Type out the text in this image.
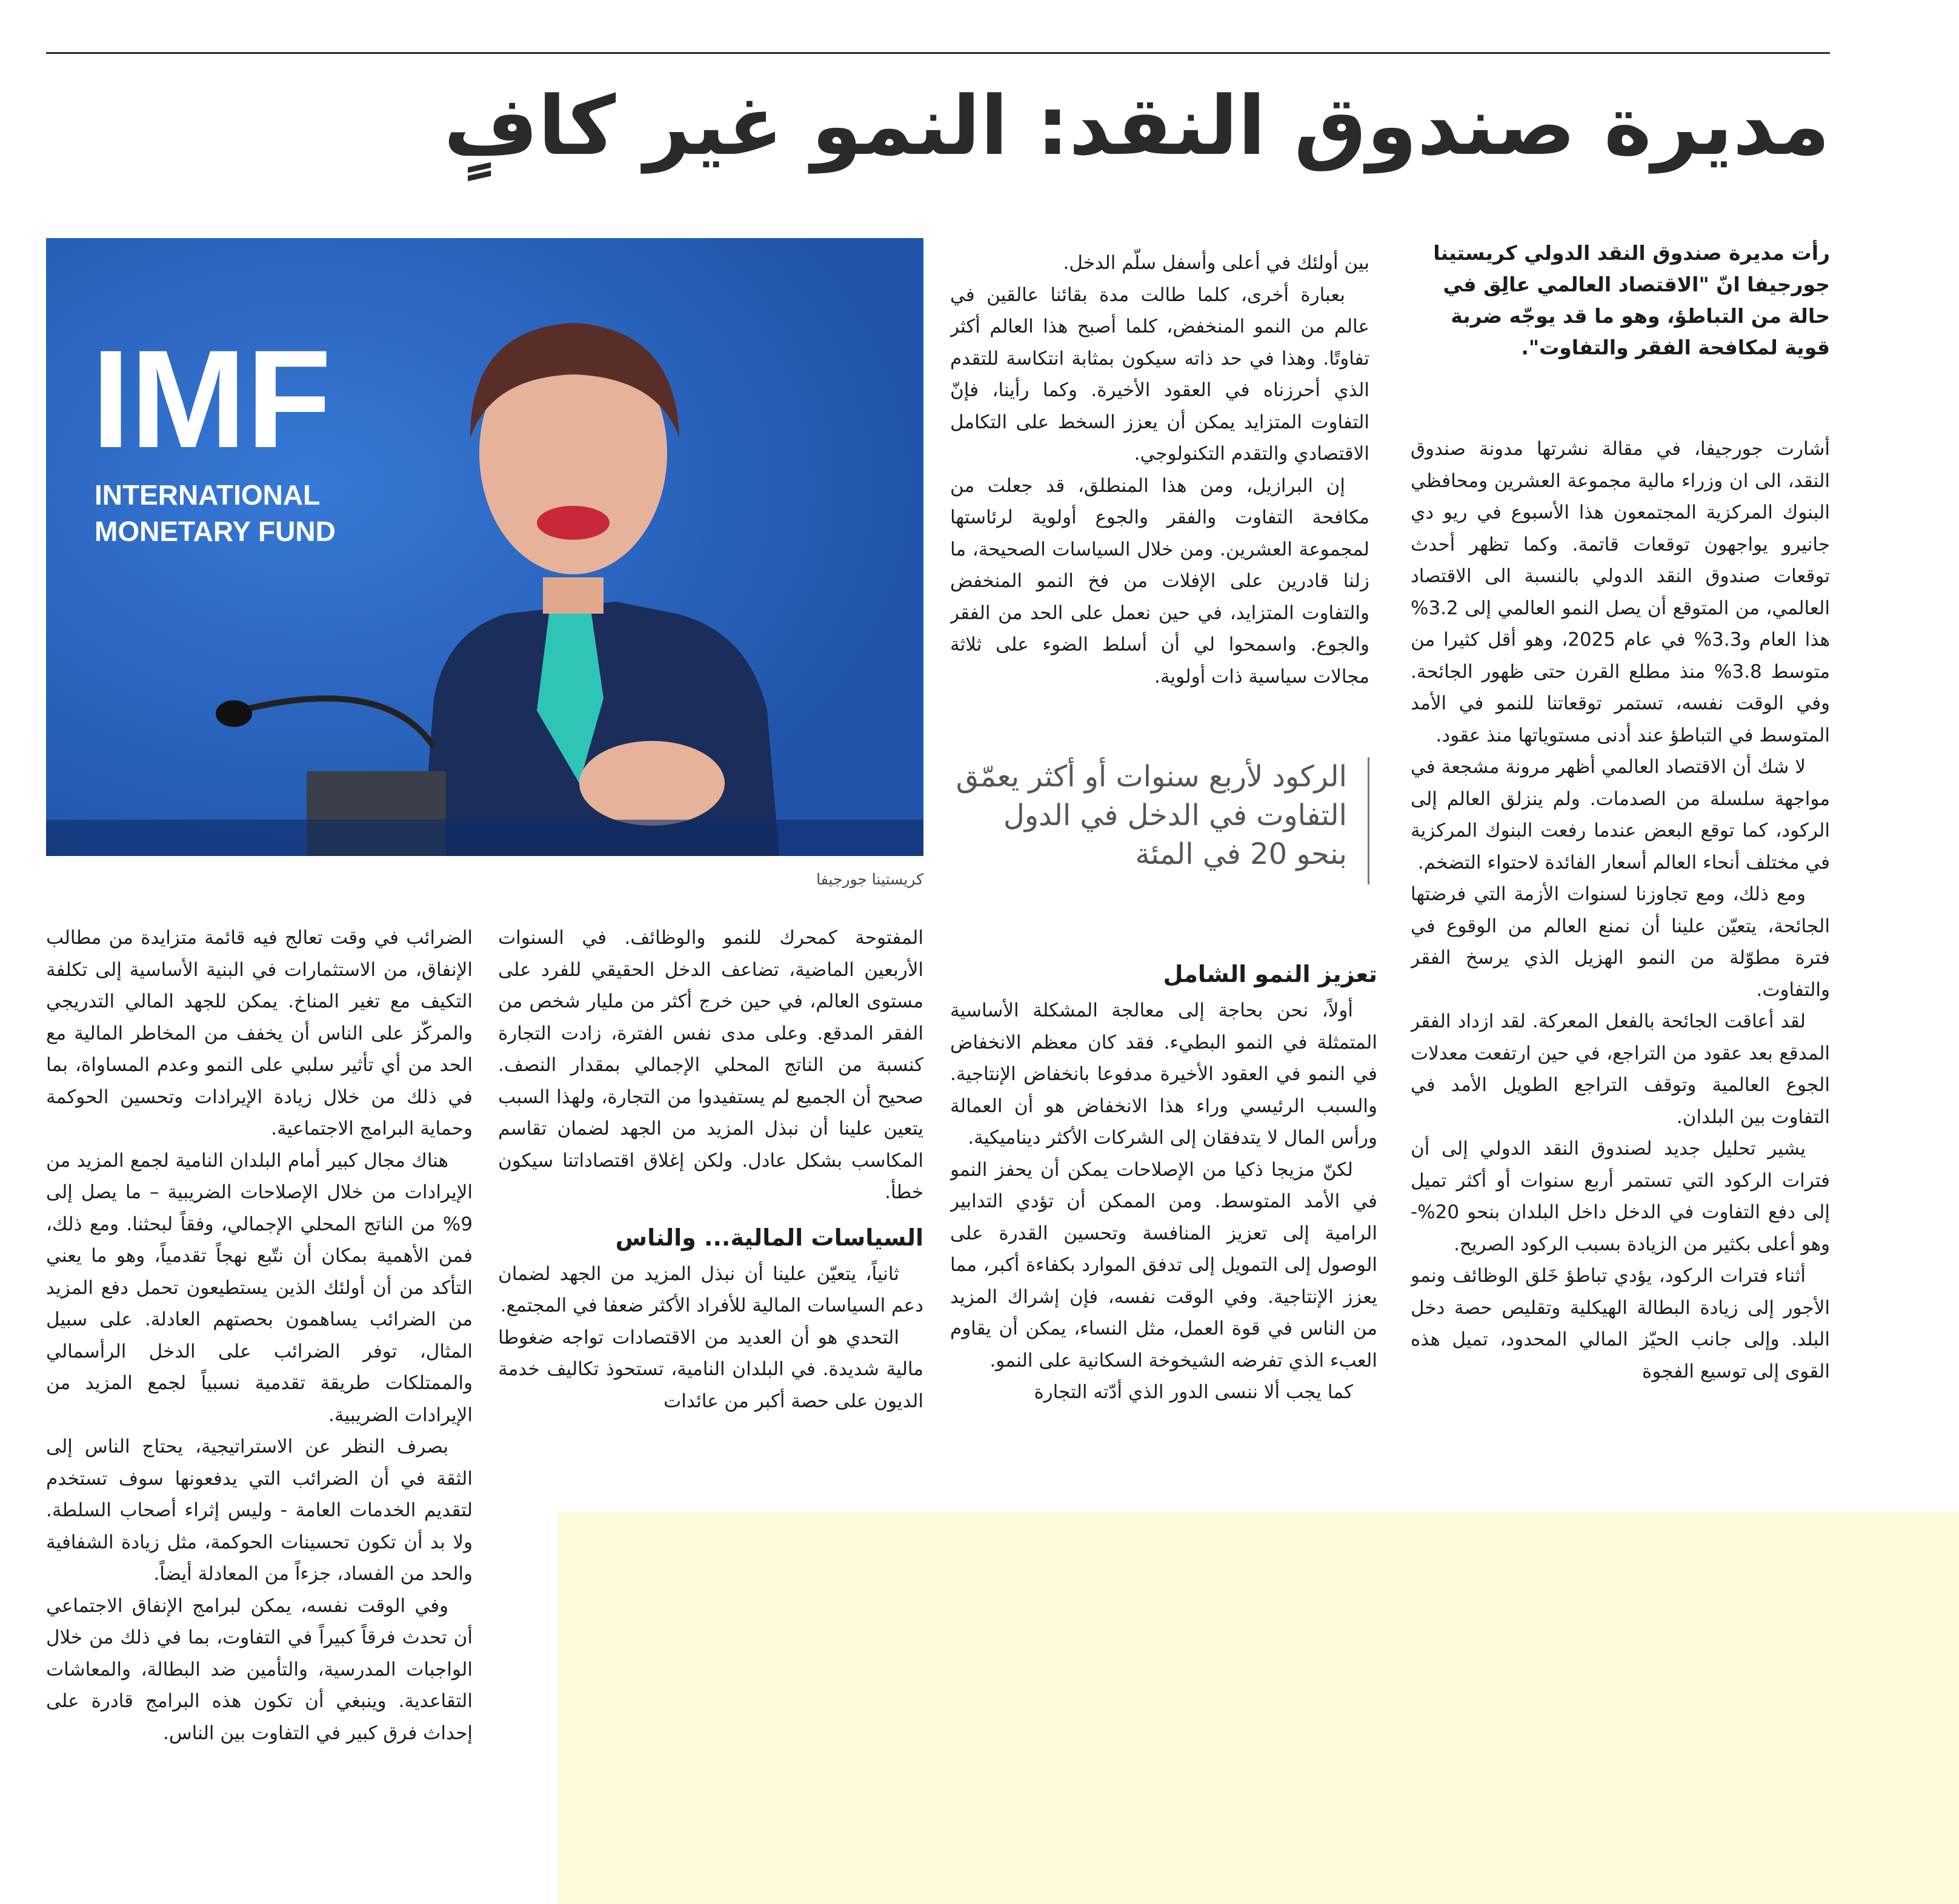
مديرة صندوق النقد: النمو غير كافٍ
رأت مديرة صندوق النقد الدولي كريستينا جورجيفا انّ "الاقتصاد العالمي عالِق في حالة من التباطؤ، وهو ما قد يوجّه ضربة قوية لمكافحة الفقر والتفاوت".
IMF
INTERNATIONAL
MONETARY FUND
كريستينا جورجيفا
الركود لأربع سنوات أو أكثر يعمّق التفاوت في الدخل في الدول بنحو 20 في المئة

أشارت جورجيفا، في مقالة نشرتها مدونة صندوق النقد، الى ان وزراء مالية مجموعة العشرين ومحافظي البنوك المركزية المجتمعون هذا الأسبوع في ريو دي جانيرو يواجهون توقعات قاتمة. وكما تظهر أحدث توقعات صندوق النقد الدولي بالنسبة الى الاقتصاد العالمي، من المتوقع أن يصل النمو العالمي إلى 3.2% هذا العام و3.3% في عام 2025، وهو أقل كثيرا من متوسط 3.8% منذ مطلع القرن حتى ظهور الجائحة. وفي الوقت نفسه، تستمر توقعاتنا للنمو في الأمد المتوسط في التباطؤ عند أدنى مستوياتها منذ عقود.

لا شك أن الاقتصاد العالمي أظهر مرونة مشجعة في مواجهة سلسلة من الصدمات. ولم ينزلق العالم إلى الركود، كما توقع البعض عندما رفعت البنوك المركزية في مختلف أنحاء العالم أسعار الفائدة لاحتواء التضخم.

ومع ذلك، ومع تجاوزنا لسنوات الأزمة التي فرضتها الجائحة، يتعيّن علينا أن نمنع العالم من الوقوع في فترة مطوّلة من النمو الهزيل الذي يرسخ الفقر والتفاوت.

لقد أعاقت الجائحة بالفعل المعركة. لقد ازداد الفقر المدقع بعد عقود من التراجع، في حين ارتفعت معدلات الجوع العالمية وتوقف التراجع الطويل الأمد في التفاوت بين البلدان.

يشير تحليل جديد لصندوق النقد الدولي إلى أن فترات الركود التي تستمر أربع سنوات أو أكثر تميل إلى دفع التفاوت في الدخل داخل البلدان بنحو 20%- وهو أعلى بكثير من الزيادة بسبب الركود الصريح.

أثناء فترات الركود، يؤدي تباطؤ خَلق الوظائف ونمو الأجور إلى زيادة البطالة الهيكلية وتقليص حصة دخل البلد. وإلى جانب الحيّز المالي المحدود، تميل هذه القوى إلى توسيع الفجوة

بين أولئك في أعلى وأسفل سلّم الدخل.

بعبارة أخرى، كلما طالت مدة بقائنا عالقين في عالم من النمو المنخفض، كلما أصبح هذا العالم أكثر تفاوتًا. وهذا في حد ذاته سيكون بمثابة انتكاسة للتقدم الذي أحرزناه في العقود الأخيرة. وكما رأينا، فإنّ التفاوت المتزايد يمكن أن يعزز السخط على التكامل الاقتصادي والتقدم التكنولوجي.

إن البرازيل، ومن هذا المنطلق، قد جعلت من مكافحة التفاوت والفقر والجوع أولوية لرئاستها لمجموعة العشرين. ومن خلال السياسات الصحيحة، ما زلنا قادرين على الإفلات من فخ النمو المنخفض والتفاوت المتزايد، في حين نعمل على الحد من الفقر والجوع. واسمحوا لي أن أسلط الضوء على ثلاثة مجالات سياسية ذات أولوية.

تعزيز النمو الشامل

أولاً، نحن بحاجة إلى معالجة المشكلة الأساسية المتمثلة في النمو البطيء. فقد كان معظم الانخفاض في النمو في العقود الأخيرة مدفوعا بانخفاض الإنتاجية. والسبب الرئيسي وراء هذا الانخفاض هو أن العمالة ورأس المال لا يتدفقان إلى الشركات الأكثر ديناميكية.

لكنّ مزيجا ذكيا من الإصلاحات يمكن أن يحفز النمو في الأمد المتوسط. ومن الممكن أن تؤدي التدابير الرامية إلى تعزيز المنافسة وتحسين القدرة على الوصول إلى التمويل إلى تدفق الموارد بكفاءة أكبر، مما يعزز الإنتاجية. وفي الوقت نفسه، فإن إشراك المزيد من الناس في قوة العمل، مثل النساء، يمكن أن يقاوم العبء الذي تفرضه الشيخوخة السكانية على النمو.

كما يجب ألا ننسى الدور الذي أدّته التجارة

المفتوحة كمحرك للنمو والوظائف. في السنوات الأربعين الماضية، تضاعف الدخل الحقيقي للفرد على مستوى العالم، في حين خرج أكثر من مليار شخص من الفقر المدقع. وعلى مدى نفس الفترة، زادت التجارة كنسبة من الناتج المحلي الإجمالي بمقدار النصف. صحيح أن الجميع لم يستفيدوا من التجارة، ولهذا السبب يتعين علينا أن نبذل المزيد من الجهد لضمان تقاسم المكاسب بشكل عادل. ولكن إغلاق اقتصاداتنا سيكون خطأ.

السياسات المالية... والناس

ثانياً، يتعيّن علينا أن نبذل المزيد من الجهد لضمان دعم السياسات المالية للأفراد الأكثر ضعفا في المجتمع.

التحدي هو أن العديد من الاقتصادات تواجه ضغوطا مالية شديدة. في البلدان النامية، تستحوذ تكاليف خدمة الديون على حصة أكبر من عائدات

الضرائب في وقت تعالج فيه قائمة متزايدة من مطالب الإنفاق، من الاستثمارات في البنية الأساسية إلى تكلفة التكيف مع تغير المناخ. يمكن للجهد المالي التدريجي والمركّز على الناس أن يخفف من المخاطر المالية مع الحد من أي تأثير سلبي على النمو وعدم المساواة، بما في ذلك من خلال زيادة الإيرادات وتحسين الحوكمة وحماية البرامج الاجتماعية.

هناك مجال كبير أمام البلدان النامية لجمع المزيد من الإيرادات من خلال الإصلاحات الضريبية – ما يصل إلى 9% من الناتج المحلي الإجمالي، وفقاً لبحثنا. ومع ذلك، فمن الأهمية بمكان أن نتّبع نهجاً تقدمياً، وهو ما يعني التأكد من أن أولئك الذين يستطيعون تحمل دفع المزيد من الضرائب يساهمون بحصتهم العادلة. على سبيل المثال، توفر الضرائب على الدخل الرأسمالي والممتلكات طريقة تقدمية نسبياً لجمع المزيد من الإيرادات الضريبية.

بصرف النظر عن الاستراتيجية، يحتاج الناس إلى الثقة في أن الضرائب التي يدفعونها سوف تستخدم لتقديم الخدمات العامة - وليس إثراء أصحاب السلطة. ولا بد أن تكون تحسينات الحوكمة، مثل زيادة الشفافية والحد من الفساد، جزءاً من المعادلة أيضاً.

وفي الوقت نفسه، يمكن لبرامج الإنفاق الاجتماعي أن تحدث فرقاً كبيراً في التفاوت، بما في ذلك من خلال الواجبات المدرسية، والتأمين ضد البطالة، والمعاشات التقاعدية. وينبغي أن تكون هذه البرامج قادرة على إحداث فرق كبير في التفاوت بين الناس.
